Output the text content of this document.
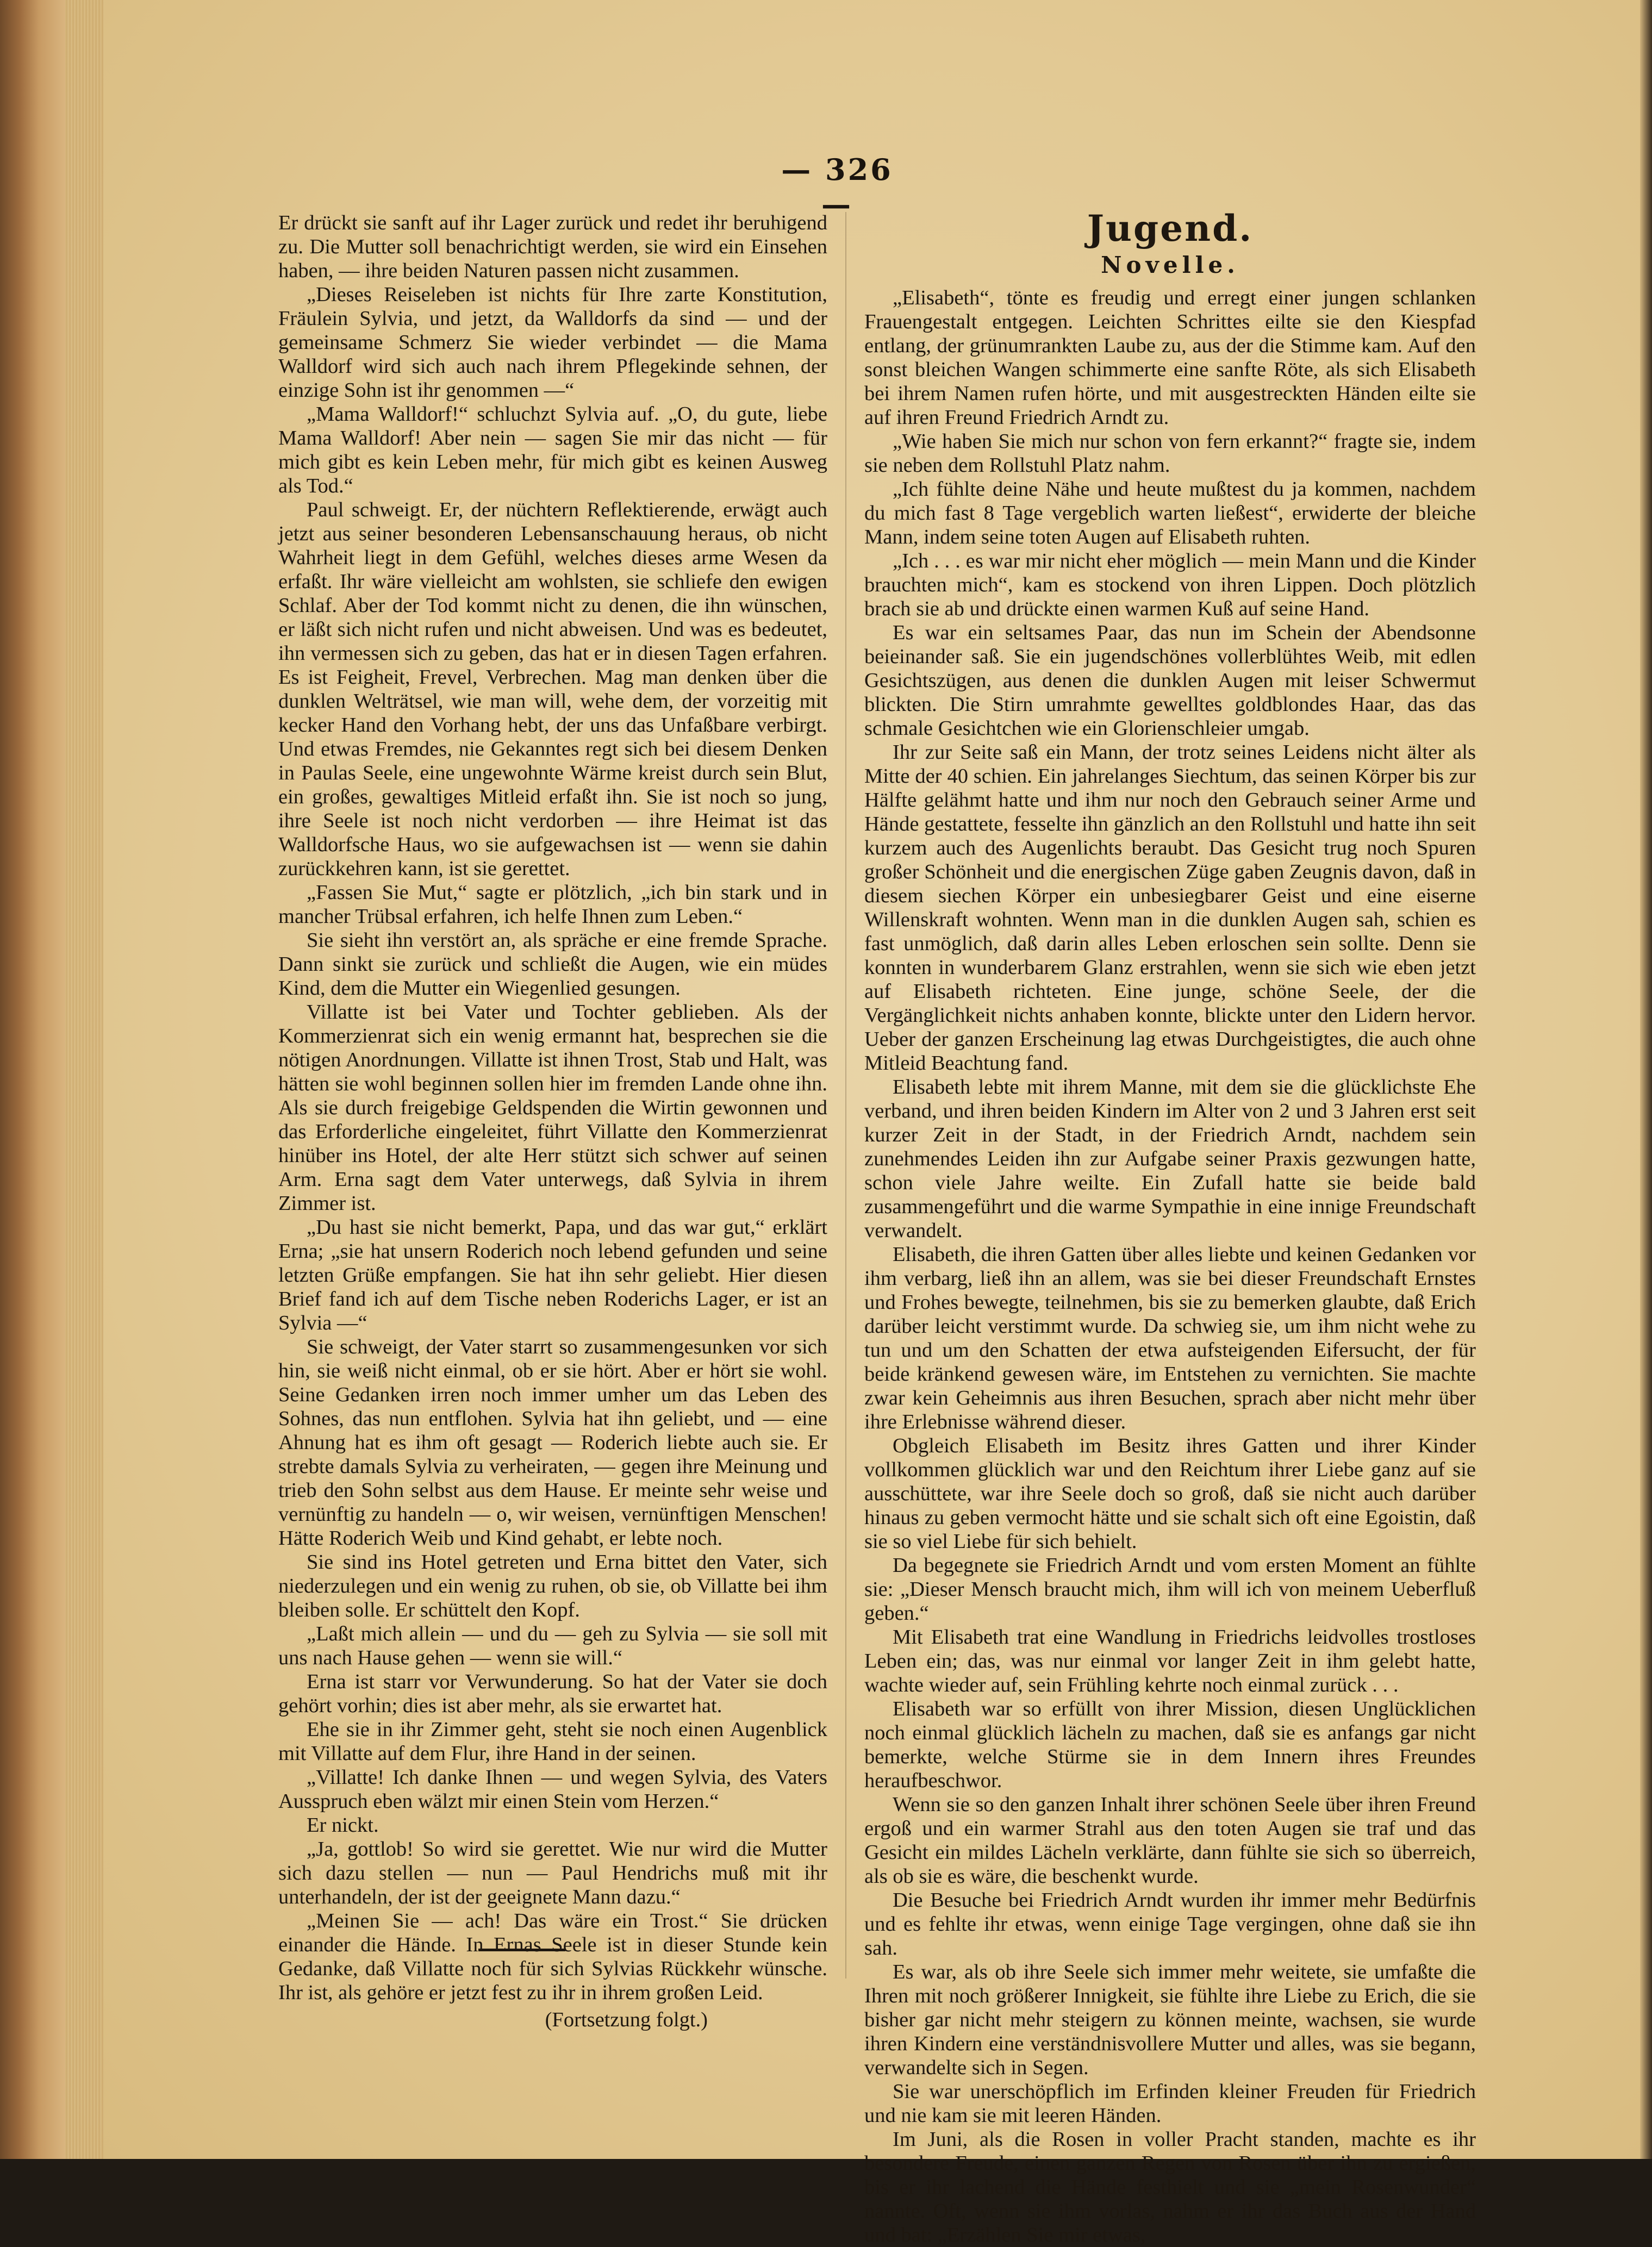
— 326 —

Er drückt sie sanft auf ihr Lager zurück und redet ihr beruhigend zu. Die Mutter soll benachrichtigt werden, sie wird ein Einsehen haben, — ihre beiden Naturen passen nicht zusammen.

„Dieses Reiseleben ist nichts für Ihre zarte Konstitution, Fräulein Sylvia, und jetzt, da Walldorfs da sind — und der gemeinsame Schmerz Sie wieder verbindet — die Mama Walldorf wird sich auch nach ihrem Pflegekinde sehnen, der einzige Sohn ist ihr genommen —“

„Mama Walldorf!“ schluchzt Sylvia auf. „O, du gute, liebe Mama Walldorf! Aber nein — sagen Sie mir das nicht — für mich gibt es kein Leben mehr, für mich gibt es keinen Ausweg als Tod.“

Paul schweigt. Er, der nüchtern Reflektierende, erwägt auch jetzt aus seiner besonderen Lebensanschauung heraus, ob nicht Wahrheit liegt in dem Gefühl, welches dieses arme Wesen da erfaßt. Ihr wäre vielleicht am wohlsten, sie schliefe den ewigen Schlaf. Aber der Tod kommt nicht zu denen, die ihn wünschen, er läßt sich nicht rufen und nicht abweisen. Und was es bedeutet, ihn vermessen sich zu geben, das hat er in diesen Tagen erfahren. Es ist Feigheit, Frevel, Verbrechen. Mag man denken über die dunklen Welträtsel, wie man will, wehe dem, der vorzeitig mit kecker Hand den Vorhang hebt, der uns das Unfaßbare verbirgt. Und etwas Fremdes, nie Gekanntes regt sich bei diesem Denken in Paulas Seele, eine ungewohnte Wärme kreist durch sein Blut, ein großes, gewaltiges Mitleid erfaßt ihn. Sie ist noch so jung, ihre Seele ist noch nicht verdorben — ihre Heimat ist das Walldorfsche Haus, wo sie aufgewachsen ist — wenn sie dahin zurückkehren kann, ist sie gerettet.

„Fassen Sie Mut,“ sagte er plötzlich, „ich bin stark und in mancher Trübsal erfahren, ich helfe Ihnen zum Leben.“

Sie sieht ihn verstört an, als spräche er eine fremde Sprache. Dann sinkt sie zurück und schließt die Augen, wie ein müdes Kind, dem die Mutter ein Wiegenlied gesungen.

Villatte ist bei Vater und Tochter geblieben. Als der Kommerzienrat sich ein wenig ermannt hat, besprechen sie die nötigen Anordnungen. Villatte ist ihnen Trost, Stab und Halt, was hätten sie wohl beginnen sollen hier im fremden Lande ohne ihn. Als sie durch freigebige Geldspenden die Wirtin gewonnen und das Erforderliche eingeleitet, führt Villatte den Kommerzienrat hinüber ins Hotel, der alte Herr stützt sich schwer auf seinen Arm. Erna sagt dem Vater unterwegs, daß Sylvia in ihrem Zimmer ist.

„Du hast sie nicht bemerkt, Papa, und das war gut,“ erklärt Erna; „sie hat unsern Roderich noch lebend gefunden und seine letzten Grüße empfangen. Sie hat ihn sehr geliebt. Hier diesen Brief fand ich auf dem Tische neben Roderichs Lager, er ist an Sylvia —“

Sie schweigt, der Vater starrt so zusammengesunken vor sich hin, sie weiß nicht einmal, ob er sie hört. Aber er hört sie wohl. Seine Gedanken irren noch immer umher um das Leben des Sohnes, das nun entflohen. Sylvia hat ihn geliebt, und — eine Ahnung hat es ihm oft gesagt — Roderich liebte auch sie. Er strebte damals Sylvia zu verheiraten, — gegen ihre Meinung und trieb den Sohn selbst aus dem Hause. Er meinte sehr weise und vernünftig zu handeln — o, wir weisen, vernünftigen Menschen! Hätte Roderich Weib und Kind gehabt, er lebte noch.

Sie sind ins Hotel getreten und Erna bittet den Vater, sich niederzulegen und ein wenig zu ruhen, ob sie, ob Villatte bei ihm bleiben solle. Er schüttelt den Kopf.

„Laßt mich allein — und du — geh zu Sylvia — sie soll mit uns nach Hause gehen — wenn sie will.“

Erna ist starr vor Verwunderung. So hat der Vater sie doch gehört vorhin; dies ist aber mehr, als sie erwartet hat.

Ehe sie in ihr Zimmer geht, steht sie noch einen Augenblick mit Villatte auf dem Flur, ihre Hand in der seinen.

„Villatte! Ich danke Ihnen — und wegen Sylvia, des Vaters Ausspruch eben wälzt mir einen Stein vom Herzen.“

Er nickt.

„Ja, gottlob! So wird sie gerettet. Wie nur wird die Mutter sich dazu stellen — nun — Paul Hendrichs muß mit ihr unterhandeln, der ist der geeignete Mann dazu.“

„Meinen Sie — ach! Das wäre ein Trost.“ Sie drücken einander die Hände. In Ernas Seele ist in dieser Stunde kein Gedanke, daß Villatte noch für sich Sylvias Rückkehr wünsche. Ihr ist, als gehöre er jetzt fest zu ihr in ihrem großen Leid.

(Fortsetzung folgt.)

Jugend.
Novelle.

„Elisabeth“, tönte es freudig und erregt einer jungen schlanken Frauengestalt entgegen. Leichten Schrittes eilte sie den Kiespfad entlang, der grünumrankten Laube zu, aus der die Stimme kam. Auf den sonst bleichen Wangen schimmerte eine sanfte Röte, als sich Elisabeth bei ihrem Namen rufen hörte, und mit ausgestreckten Händen eilte sie auf ihren Freund Friedrich Arndt zu.

„Wie haben Sie mich nur schon von fern erkannt?“ fragte sie, indem sie neben dem Rollstuhl Platz nahm.

„Ich fühlte deine Nähe und heute mußtest du ja kommen, nachdem du mich fast 8 Tage vergeblich warten ließest“, erwiderte der bleiche Mann, indem seine toten Augen auf Elisabeth ruhten.

„Ich . . . es war mir nicht eher möglich — mein Mann und die Kinder brauchten mich“, kam es stockend von ihren Lippen. Doch plötzlich brach sie ab und drückte einen warmen Kuß auf seine Hand.

Es war ein seltsames Paar, das nun im Schein der Abendsonne beieinander saß. Sie ein jugendschönes vollerblühtes Weib, mit edlen Gesichtszügen, aus denen die dunklen Augen mit leiser Schwermut blickten. Die Stirn umrahmte gewelltes goldblondes Haar, das das schmale Gesichtchen wie ein Glorienschleier umgab.

Ihr zur Seite saß ein Mann, der trotz seines Leidens nicht älter als Mitte der 40 schien. Ein jahrelanges Siechtum, das seinen Körper bis zur Hälfte gelähmt hatte und ihm nur noch den Gebrauch seiner Arme und Hände gestattete, fesselte ihn gänzlich an den Rollstuhl und hatte ihn seit kurzem auch des Augenlichts beraubt. Das Gesicht trug noch Spuren großer Schönheit und die energischen Züge gaben Zeugnis davon, daß in diesem siechen Körper ein unbesiegbarer Geist und eine eiserne Willenskraft wohnten. Wenn man in die dunklen Augen sah, schien es fast unmöglich, daß darin alles Leben erloschen sein sollte. Denn sie konnten in wunderbarem Glanz erstrahlen, wenn sie sich wie eben jetzt auf Elisabeth richteten. Eine junge, schöne Seele, der die Vergänglichkeit nichts anhaben konnte, blickte unter den Lidern hervor. Ueber der ganzen Erscheinung lag etwas Durchgeistigtes, die auch ohne Mitleid Beachtung fand.

Elisabeth lebte mit ihrem Manne, mit dem sie die glücklichste Ehe verband, und ihren beiden Kindern im Alter von 2 und 3 Jahren erst seit kurzer Zeit in der Stadt, in der Friedrich Arndt, nachdem sein zunehmendes Leiden ihn zur Aufgabe seiner Praxis gezwungen hatte, schon viele Jahre weilte. Ein Zufall hatte sie beide bald zusammengeführt und die warme Sympathie in eine innige Freundschaft verwandelt.

Elisabeth, die ihren Gatten über alles liebte und keinen Gedanken vor ihm verbarg, ließ ihn an allem, was sie bei dieser Freundschaft Ernstes und Frohes bewegte, teilnehmen, bis sie zu bemerken glaubte, daß Erich darüber leicht verstimmt wurde. Da schwieg sie, um ihm nicht wehe zu tun und um den Schatten der etwa aufsteigenden Eifersucht, der für beide kränkend gewesen wäre, im Entstehen zu vernichten. Sie machte zwar kein Geheimnis aus ihren Besuchen, sprach aber nicht mehr über ihre Erlebnisse während dieser.

Obgleich Elisabeth im Besitz ihres Gatten und ihrer Kinder vollkommen glücklich war und den Reichtum ihrer Liebe ganz auf sie ausschüttete, war ihre Seele doch so groß, daß sie nicht auch darüber hinaus zu geben vermocht hätte und sie schalt sich oft eine Egoistin, daß sie so viel Liebe für sich behielt.

Da begegnete sie Friedrich Arndt und vom ersten Moment an fühlte sie: „Dieser Mensch braucht mich, ihm will ich von meinem Ueberfluß geben.“

Mit Elisabeth trat eine Wandlung in Friedrichs leidvolles trostloses Leben ein; das, was nur einmal vor langer Zeit in ihm gelebt hatte, wachte wieder auf, sein Frühling kehrte noch einmal zurück . . .

Elisabeth war so erfüllt von ihrer Mission, diesen Unglücklichen noch einmal glücklich lächeln zu machen, daß sie es anfangs gar nicht bemerkte, welche Stürme sie in dem Innern ihres Freundes heraufbeschwor.

Wenn sie so den ganzen Inhalt ihrer schönen Seele über ihren Freund ergoß und ein warmer Strahl aus den toten Augen sie traf und das Gesicht ein mildes Lächeln verklärte, dann fühlte sie sich so überreich, als ob sie es wäre, die beschenkt wurde.

Die Besuche bei Friedrich Arndt wurden ihr immer mehr Bedürfnis und es fehlte ihr etwas, wenn einige Tage vergingen, ohne daß sie ihn sah.

Es war, als ob ihre Seele sich immer mehr weitete, sie umfaßte die Ihren mit noch größerer Innigkeit, sie fühlte ihre Liebe zu Erich, die sie bisher gar nicht mehr steigern zu können meinte, wachsen, sie wurde ihren Kindern eine verständnisvollere Mutter und alles, was sie begann, verwandelte sich in Segen.

Sie war unerschöpflich im Erfinden kleiner Freuden für Friedrich und nie kam sie mit leeren Händen.

Im Juni, als die Rosen in voller Pracht standen, machte es ihr besondere Freude, einen ganzen Regen von Rosen über ihn zu ergießen, bis er ihr lachend die Hände festhielt und sie „mein Rosenwunder“ nannte. Oft, wenn sie ihm vorlas, nahm er ihr das Buch aus der Hand und bat: „Erzählen Sie mir etwas,
